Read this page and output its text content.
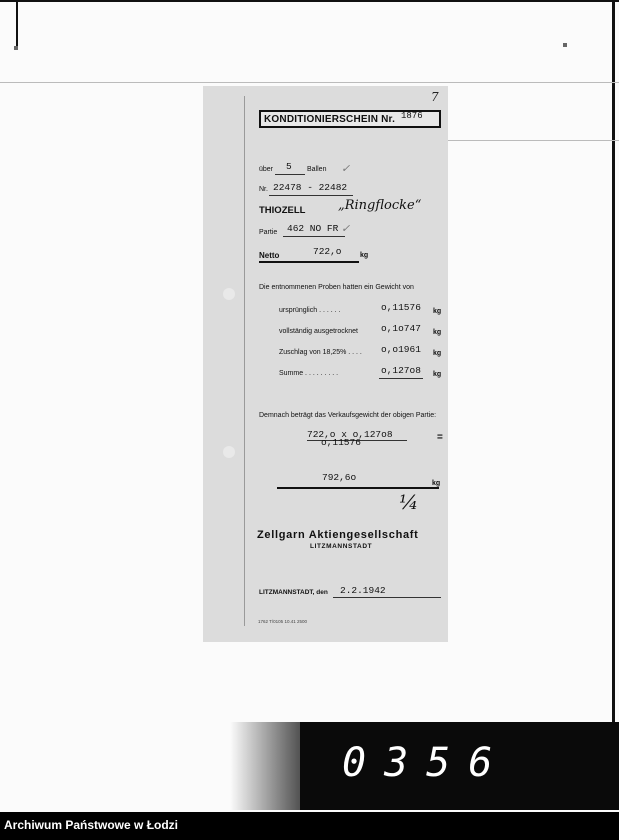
7
KONDITIONIERSCHEIN Nr. 1876
über 5 Ballen ✓
Nr. 22478 - 22482
THIOZELL	„Ringflocke“
Partie 462 NO FR ✓
Netto	722,o	kg
Die entnommenen Proben hatten ein Gewicht von
ursprünglich . . . . . .	o,11576 kg
vollständig ausgetrocknet o,1o747 kg
Zuschlag von 18,25% . . . . o,o1961 kg
Summe . . . . . . . . .	o,127o8 kg
Demnach beträgt das Verkaufsgewicht der obigen Partie:
722,o x o,127o8
o,11576	=
792,6o
kg
¼
Zellgarn Aktiengesellschaft
LITZMANNSTADT
LITZMANNSTADT, den 2.2.1942
1762 T/0105 10.41 2500
0356
Archiwum Państwowe w Łodzi
